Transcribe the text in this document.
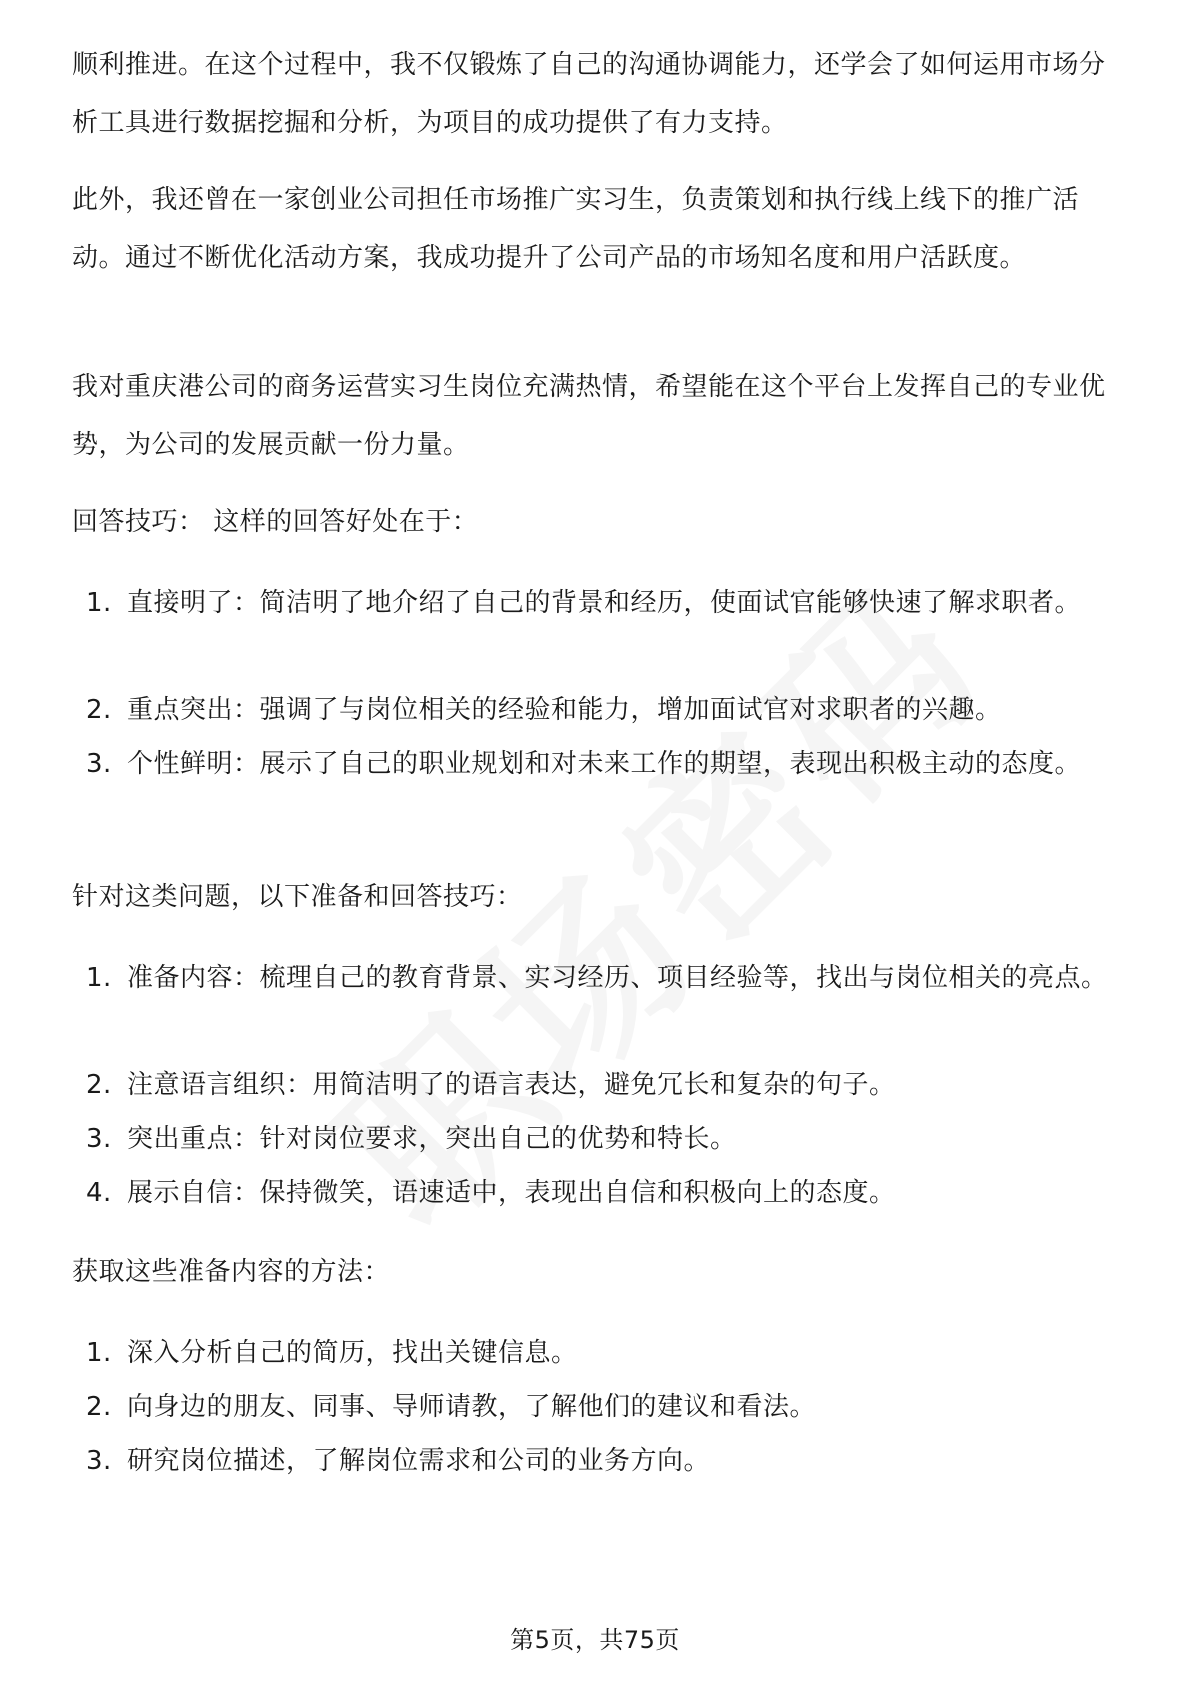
顺利推进。在这个过程中，我不仅锻炼了自己的沟通协调能力，还学会了如何运用市场分析工具进行数据挖掘和分析，为项目的成功提供了有力支持。

此外，我还曾在一家创业公司担任市场推广实习生，负责策划和执行线上线下的推广活动。通过不断优化活动方案，我成功提升了公司产品的市场知名度和用户活跃度。

我对重庆港公司的商务运营实习生岗位充满热情，希望能在这个平台上发挥自己的专业优势，为公司的发展贡献一份力量。

回答技巧： 这样的回答好处在于：

1. 直接明了：简洁明了地介绍了自己的背景和经历，使面试官能够快速了解求职者。
2. 重点突出：强调了与岗位相关的经验和能力，增加面试官对求职者的兴趣。
3. 个性鲜明：展示了自己的职业规划和对未来工作的期望，表现出积极主动的态度。

针对这类问题，以下准备和回答技巧：

1. 准备内容：梳理自己的教育背景、实习经历、项目经验等，找出与岗位相关的亮点。
2. 注意语言组织：用简洁明了的语言表达，避免冗长和复杂的句子。
3. 突出重点：针对岗位要求，突出自己的优势和特长。
4. 展示自信：保持微笑，语速适中，表现出自信和积极向上的态度。

获取这些准备内容的方法：

1. 深入分析自己的简历，找出关键信息。
2. 向身边的朋友、同事、导师请教，了解他们的建议和看法。
3. 研究岗位描述，了解岗位需求和公司的业务方向。
第5页，共75页
